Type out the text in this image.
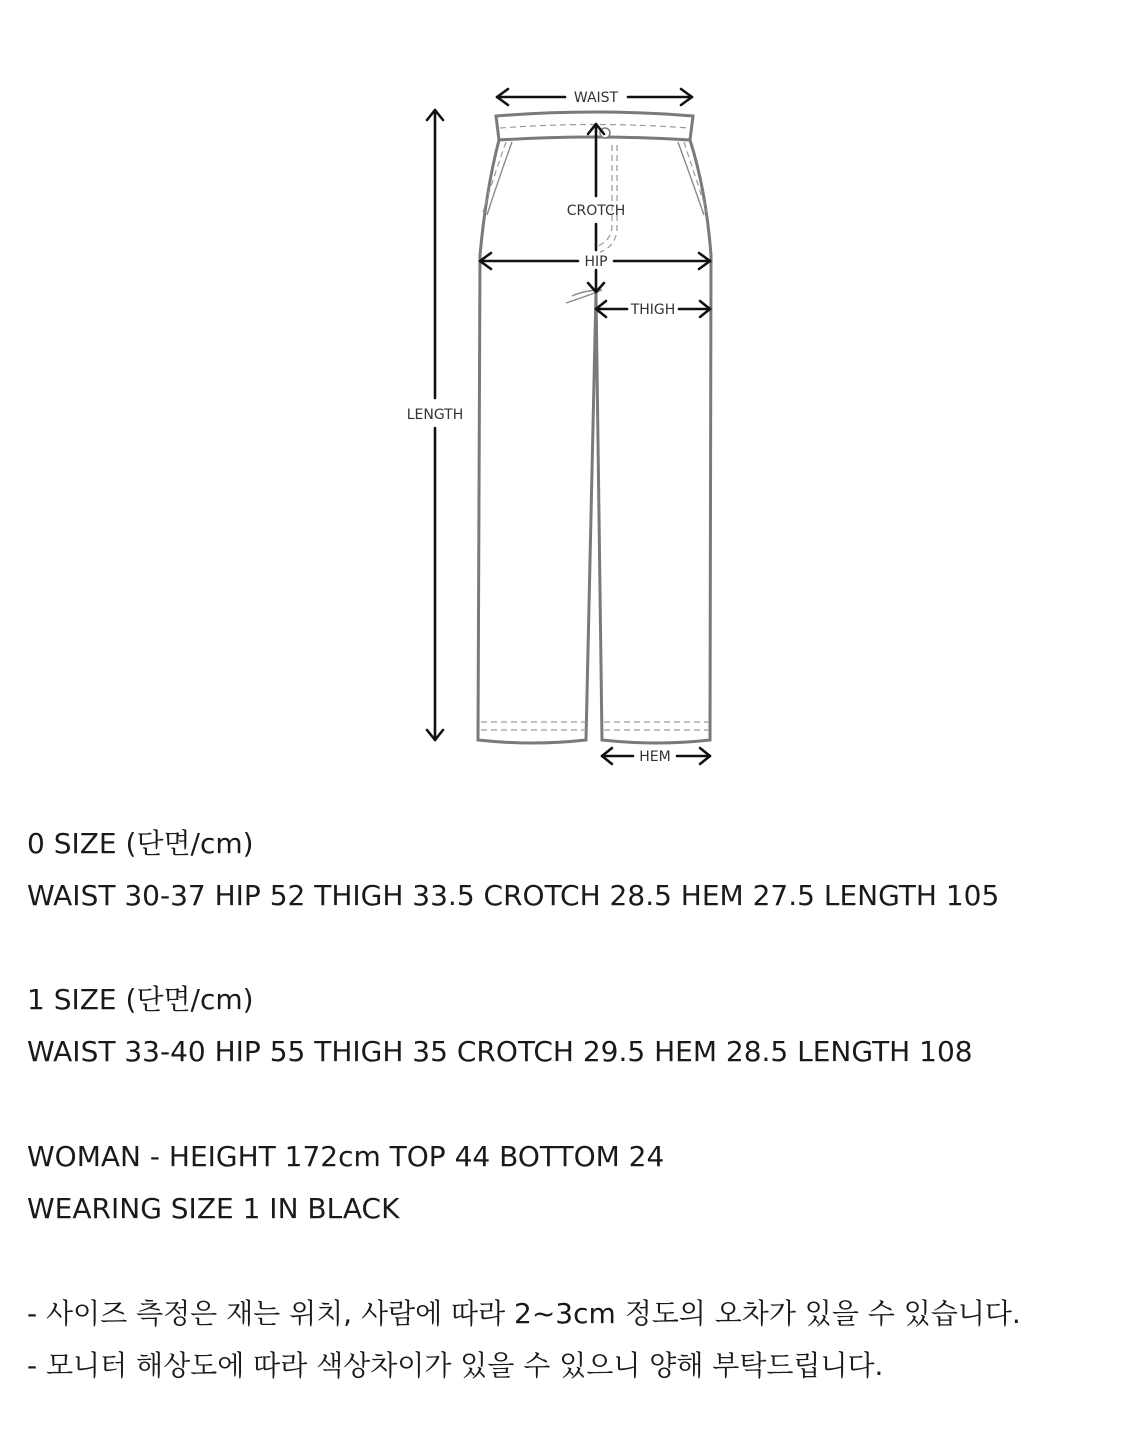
WAIST
CROTCH
HIP
THIGH
LENGTH
HEM
0 SIZE (단면/cm)
WAIST 30-37 HIP 52 THIGH 33.5 CROTCH 28.5 HEM 27.5 LENGTH 105
1 SIZE (단면/cm)
WAIST 33-40 HIP 55 THIGH 35 CROTCH 29.5 HEM 28.5 LENGTH 108
WOMAN - HEIGHT 172cm TOP 44 BOTTOM 24
WEARING SIZE 1 IN BLACK
- 사이즈 측정은 재는 위치, 사람에 따라 2~3cm 정도의 오차가 있을 수 있습니다.
- 모니터 해상도에 따라 색상차이가 있을 수 있으니 양해 부탁드립니다.
